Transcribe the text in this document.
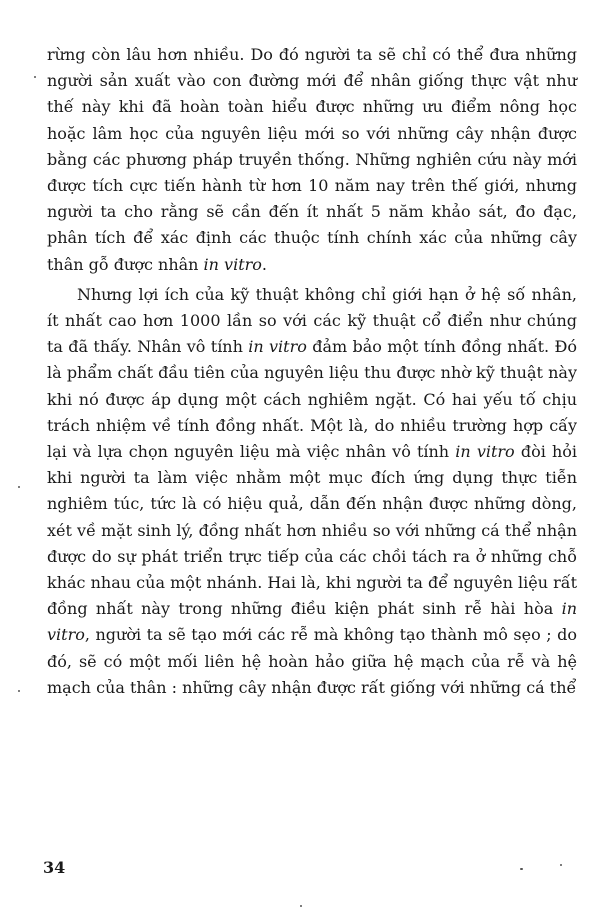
rừng còn lâu hơn nhiều. Do đó người ta sẽ chỉ có thể đưa những người sản xuất vào con đường mới để nhân giống thực vật như thế này khi đã hoàn toàn hiểu được những ưu điểm nông học hoặc lâm học của nguyên liệu mới so với những cây nhận được bằng các phương pháp truyền thống. Những nghiên cứu này mới được tích cực tiến hành từ hơn 10 năm nay trên thế giới, nhưng người ta cho rằng sẽ cần đến ít nhất 5 năm khảo sát, đo đạc, phân tích để xác định các thuộc tính chính xác của những cây thân gỗ được nhân in vitro.

Nhưng lợi ích của kỹ thuật không chỉ giới hạn ở hệ số nhân, ít nhất cao hơn 1000 lần so với các kỹ thuật cổ điển như chúng ta đã thấy. Nhân vô tính in vitro đảm bảo một tính đồng nhất. Đó là phẩm chất đầu tiên của nguyên liệu thu được nhờ kỹ thuật này khi nó được áp dụng một cách nghiêm ngặt. Có hai yếu tố chịu trách nhiệm về tính đồng nhất. Một là, do nhiều trường hợp cấy lại và lựa chọn nguyên liệu mà việc nhân vô tính in vitro đòi hỏi khi người ta làm việc nhằm một mục đích ứng dụng thực tiễn nghiêm túc, tức là có hiệu quả, dẫn đến nhận được những dòng, xét về mặt sinh lý, đồng nhất hơn nhiều so với những cá thể nhận được do sự phát triển trực tiếp của các chồi tách ra ở những chỗ khác nhau của một nhánh. Hai là, khi người ta để nguyên liệu rất đồng nhất này trong những điều kiện phát sinh rễ hài hòa in vitro, người ta sẽ tạo mới các rễ mà không tạo thành mô sẹo ; do đó, sẽ có một mối liên hệ hoàn hảo giữa hệ mạch của rễ và hệ mạch của thân : những cây nhận được rất giống với những cá thể

34
